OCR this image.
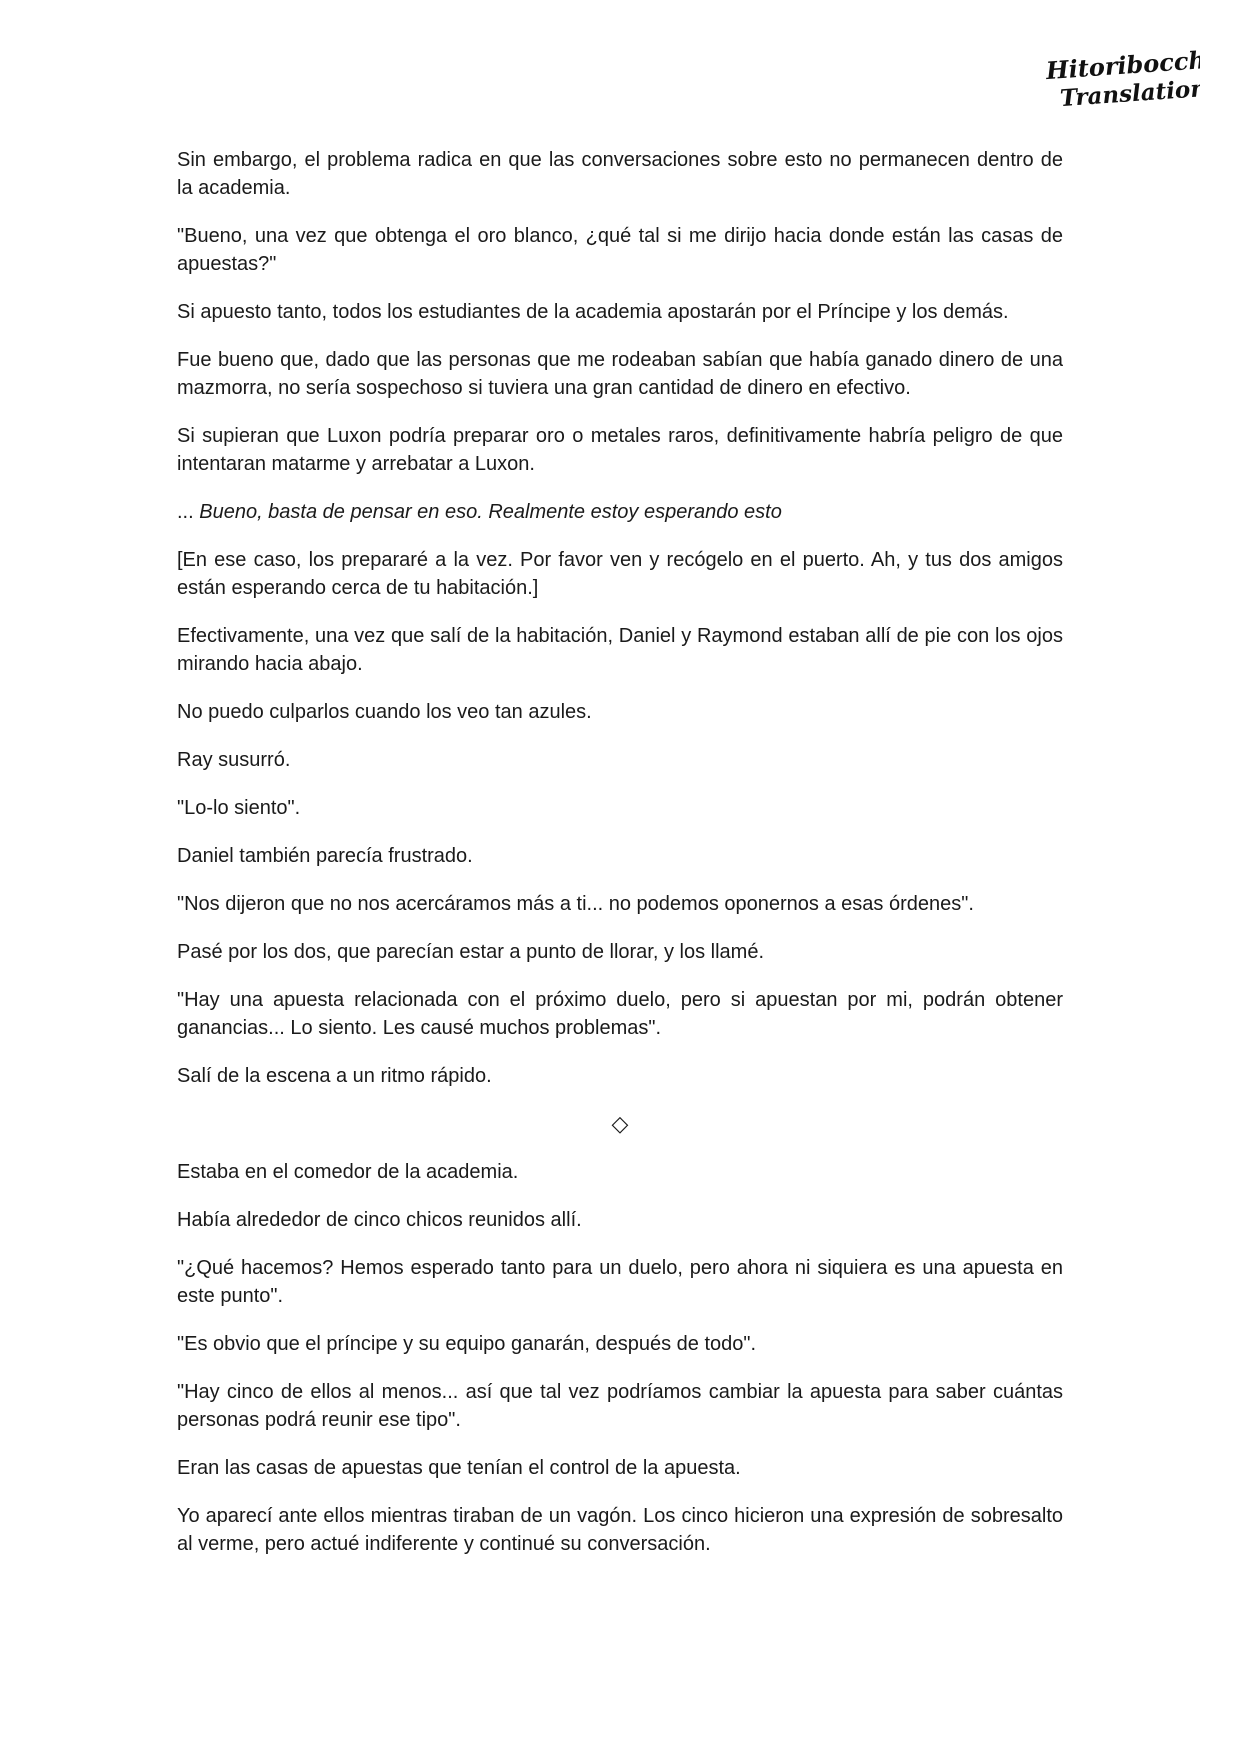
Hitoribocchi
Translation

Sin embargo, el problema radica en que las conversaciones sobre esto no permanecen dentro de la academia.

"Bueno, una vez que obtenga el oro blanco, ¿qué tal si me dirijo hacia donde están las casas de apuestas?"

Si apuesto tanto, todos los estudiantes de la academia apostarán por el Príncipe y los demás.

Fue bueno que, dado que las personas que me rodeaban sabían que había ganado dinero de una mazmorra, no sería sospechoso si tuviera una gran cantidad de dinero en efectivo.

Si supieran que Luxon podría preparar oro o metales raros, definitivamente habría peligro de que intentaran matarme y arrebatar a Luxon.

... Bueno, basta de pensar en eso. Realmente estoy esperando esto

[En ese caso, los prepararé a la vez. Por favor ven y recógelo en el puerto. Ah, y tus dos amigos están esperando cerca de tu habitación.]

Efectivamente, una vez que salí de la habitación, Daniel y Raymond estaban allí de pie con los ojos mirando hacia abajo.

No puedo culparlos cuando los veo tan azules.

Ray susurró.

"Lo-lo siento".

Daniel también parecía frustrado.

"Nos dijeron que no nos acercáramos más a ti... no podemos oponernos a esas órdenes".

Pasé por los dos, que parecían estar a punto de llorar, y los llamé.

"Hay una apuesta relacionada con el próximo duelo, pero si apuestan por mi, podrán obtener ganancias... Lo siento. Les causé muchos problemas".

Salí de la escena a un ritmo rápido.

◇

Estaba en el comedor de la academia.

Había alrededor de cinco chicos reunidos allí.

"¿Qué hacemos? Hemos esperado tanto para un duelo, pero ahora ni siquiera es una apuesta en este punto".

"Es obvio que el príncipe y su equipo ganarán, después de todo".

"Hay cinco de ellos al menos... así que tal vez podríamos cambiar la apuesta para saber cuántas personas podrá reunir ese tipo".

Eran las casas de apuestas que tenían el control de la apuesta.

Yo aparecí ante ellos mientras tiraban de un vagón. Los cinco hicieron una expresión de sobresalto al verme, pero actué indiferente y continué su conversación.
